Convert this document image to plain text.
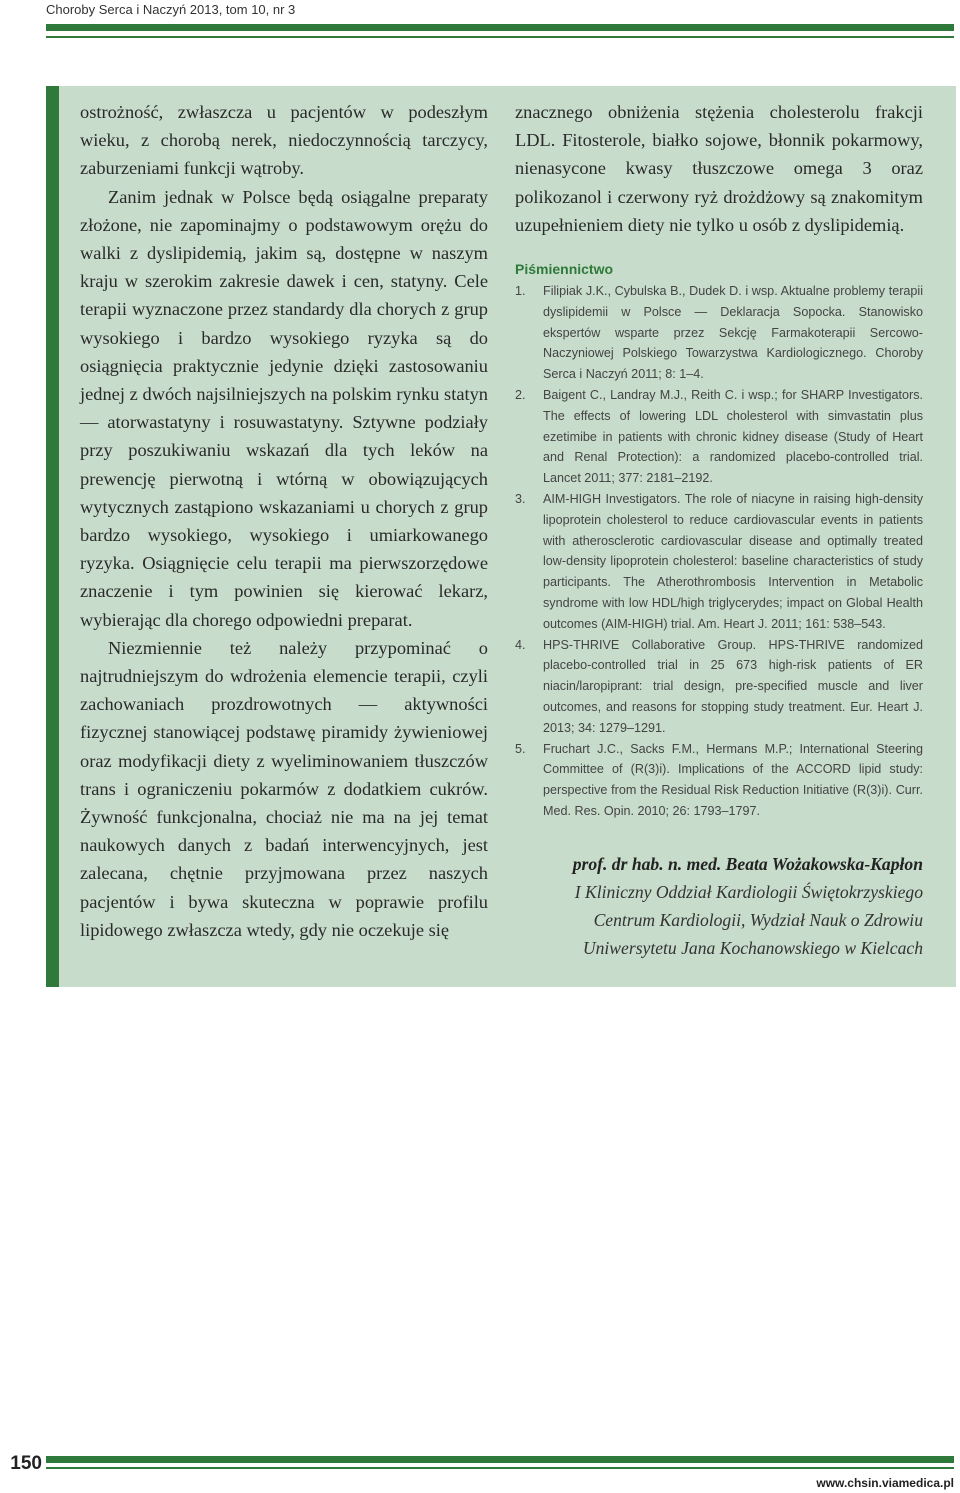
Choroby Serca i Naczyń 2013, tom 10, nr 3

ostrożność, zwłaszcza u pacjentów w podeszłym wieku, z chorobą nerek, niedoczynnością tarczycy, zaburzeniami funkcji wątroby.

Zanim jednak w Polsce będą osiągalne preparaty złożone, nie zapominajmy o podstawowym orężu do walki z dyslipidemią, jakim są, dostępne w naszym kraju w szerokim zakresie dawek i cen, statyny. Cele terapii wyznaczone przez standardy dla chorych z grup wysokiego i bardzo wysokiego ryzyka są do osiągnięcia praktycznie jedynie dzięki zastosowaniu jednej z dwóch najsilniejszych na polskim rynku statyn — atorwastatyny i rosuwastatyny. Sztywne podziały przy poszukiwaniu wskazań dla tych leków na prewencję pierwotną i wtórną w obowiązujących wytycznych zastąpiono wskazaniami u chorych z grup bardzo wysokiego, wysokiego i umiarkowanego ryzyka. Osiągnięcie celu terapii ma pierwszorzędowe znaczenie i tym powinien się kierować lekarz, wybierając dla chorego odpowiedni preparat.

Niezmiennie też należy przypominać o najtrudniejszym do wdrożenia elemencie terapii, czyli zachowaniach prozdrowotnych — aktywności fizycznej stanowiącej podstawę piramidy żywieniowej oraz modyfikacji diety z wyeliminowaniem tłuszczów trans i ograniczeniu pokarmów z dodatkiem cukrów. Żywność funkcjonalna, chociaż nie ma na jej temat naukowych danych z badań interwencyjnych, jest zalecana, chętnie przyjmowana przez naszych pacjentów i bywa skuteczna w poprawie profilu lipidowego zwłaszcza wtedy, gdy nie oczekuje się

znacznego obniżenia stężenia cholesterolu frakcji LDL. Fitosterole, białko sojowe, błonnik pokarmowy, nienasycone kwasy tłuszczowe omega 3 oraz polikozanol i czerwony ryż drożdżowy są znakomitym uzupełnieniem diety nie tylko u osób z dyslipidemią.

Piśmiennictwo
1. Filipiak J.K., Cybulska B., Dudek D. i wsp. Aktualne problemy terapii dyslipidemii w Polsce — Deklaracja Sopocka. Stanowisko ekspertów wsparte przez Sekcję Farmakoterapii Sercowo-Naczyniowej Polskiego Towarzystwa Kardiologicznego. Choroby Serca i Naczyń 2011; 8: 1–4.
2. Baigent C., Landray M.J., Reith C. i wsp.; for SHARP Investigators. The effects of lowering LDL cholesterol with simvastatin plus ezetimibe in patients with chronic kidney disease (Study of Heart and Renal Protection): a randomized placebo-controlled trial. Lancet 2011; 377: 2181–2192.
3. AIM-HIGH Investigators. The role of niacyne in raising high-density lipoprotein cholesterol to reduce cardiovascular events in patients with atherosclerotic cardiovascular disease and optimally treated low-density lipoprotein cholesterol: baseline characteristics of study participants. The Atherothrombosis Intervention in Metabolic syndrome with low HDL/high triglycerydes; impact on Global Health outcomes (AIM-HIGH) trial. Am. Heart J. 2011; 161: 538–543.
4. HPS-THRIVE Collaborative Group. HPS-THRIVE randomized placebo-controlled trial in 25 673 high-risk patients of ER niacin/laropiprant: trial design, pre-specified muscle and liver outcomes, and reasons for stopping study treatment. Eur. Heart J. 2013; 34: 1279–1291.
5. Fruchart J.C., Sacks F.M., Hermans M.P.; International Steering Committee of (R(3)i). Implications of the ACCORD lipid study: perspective from the Residual Risk Reduction Initiative (R(3)i). Curr. Med. Res. Opin. 2010; 26: 1793–1797.
prof. dr hab. n. med. Beata Wożakowska-Kapłon
I Kliniczny Oddział Kardiologii Świętokrzyskiego
Centrum Kardiologii, Wydział Nauk o Zdrowiu
Uniwersytetu Jana Kochanowskiego w Kielcach
150
www.chsin.viamedica.pl
